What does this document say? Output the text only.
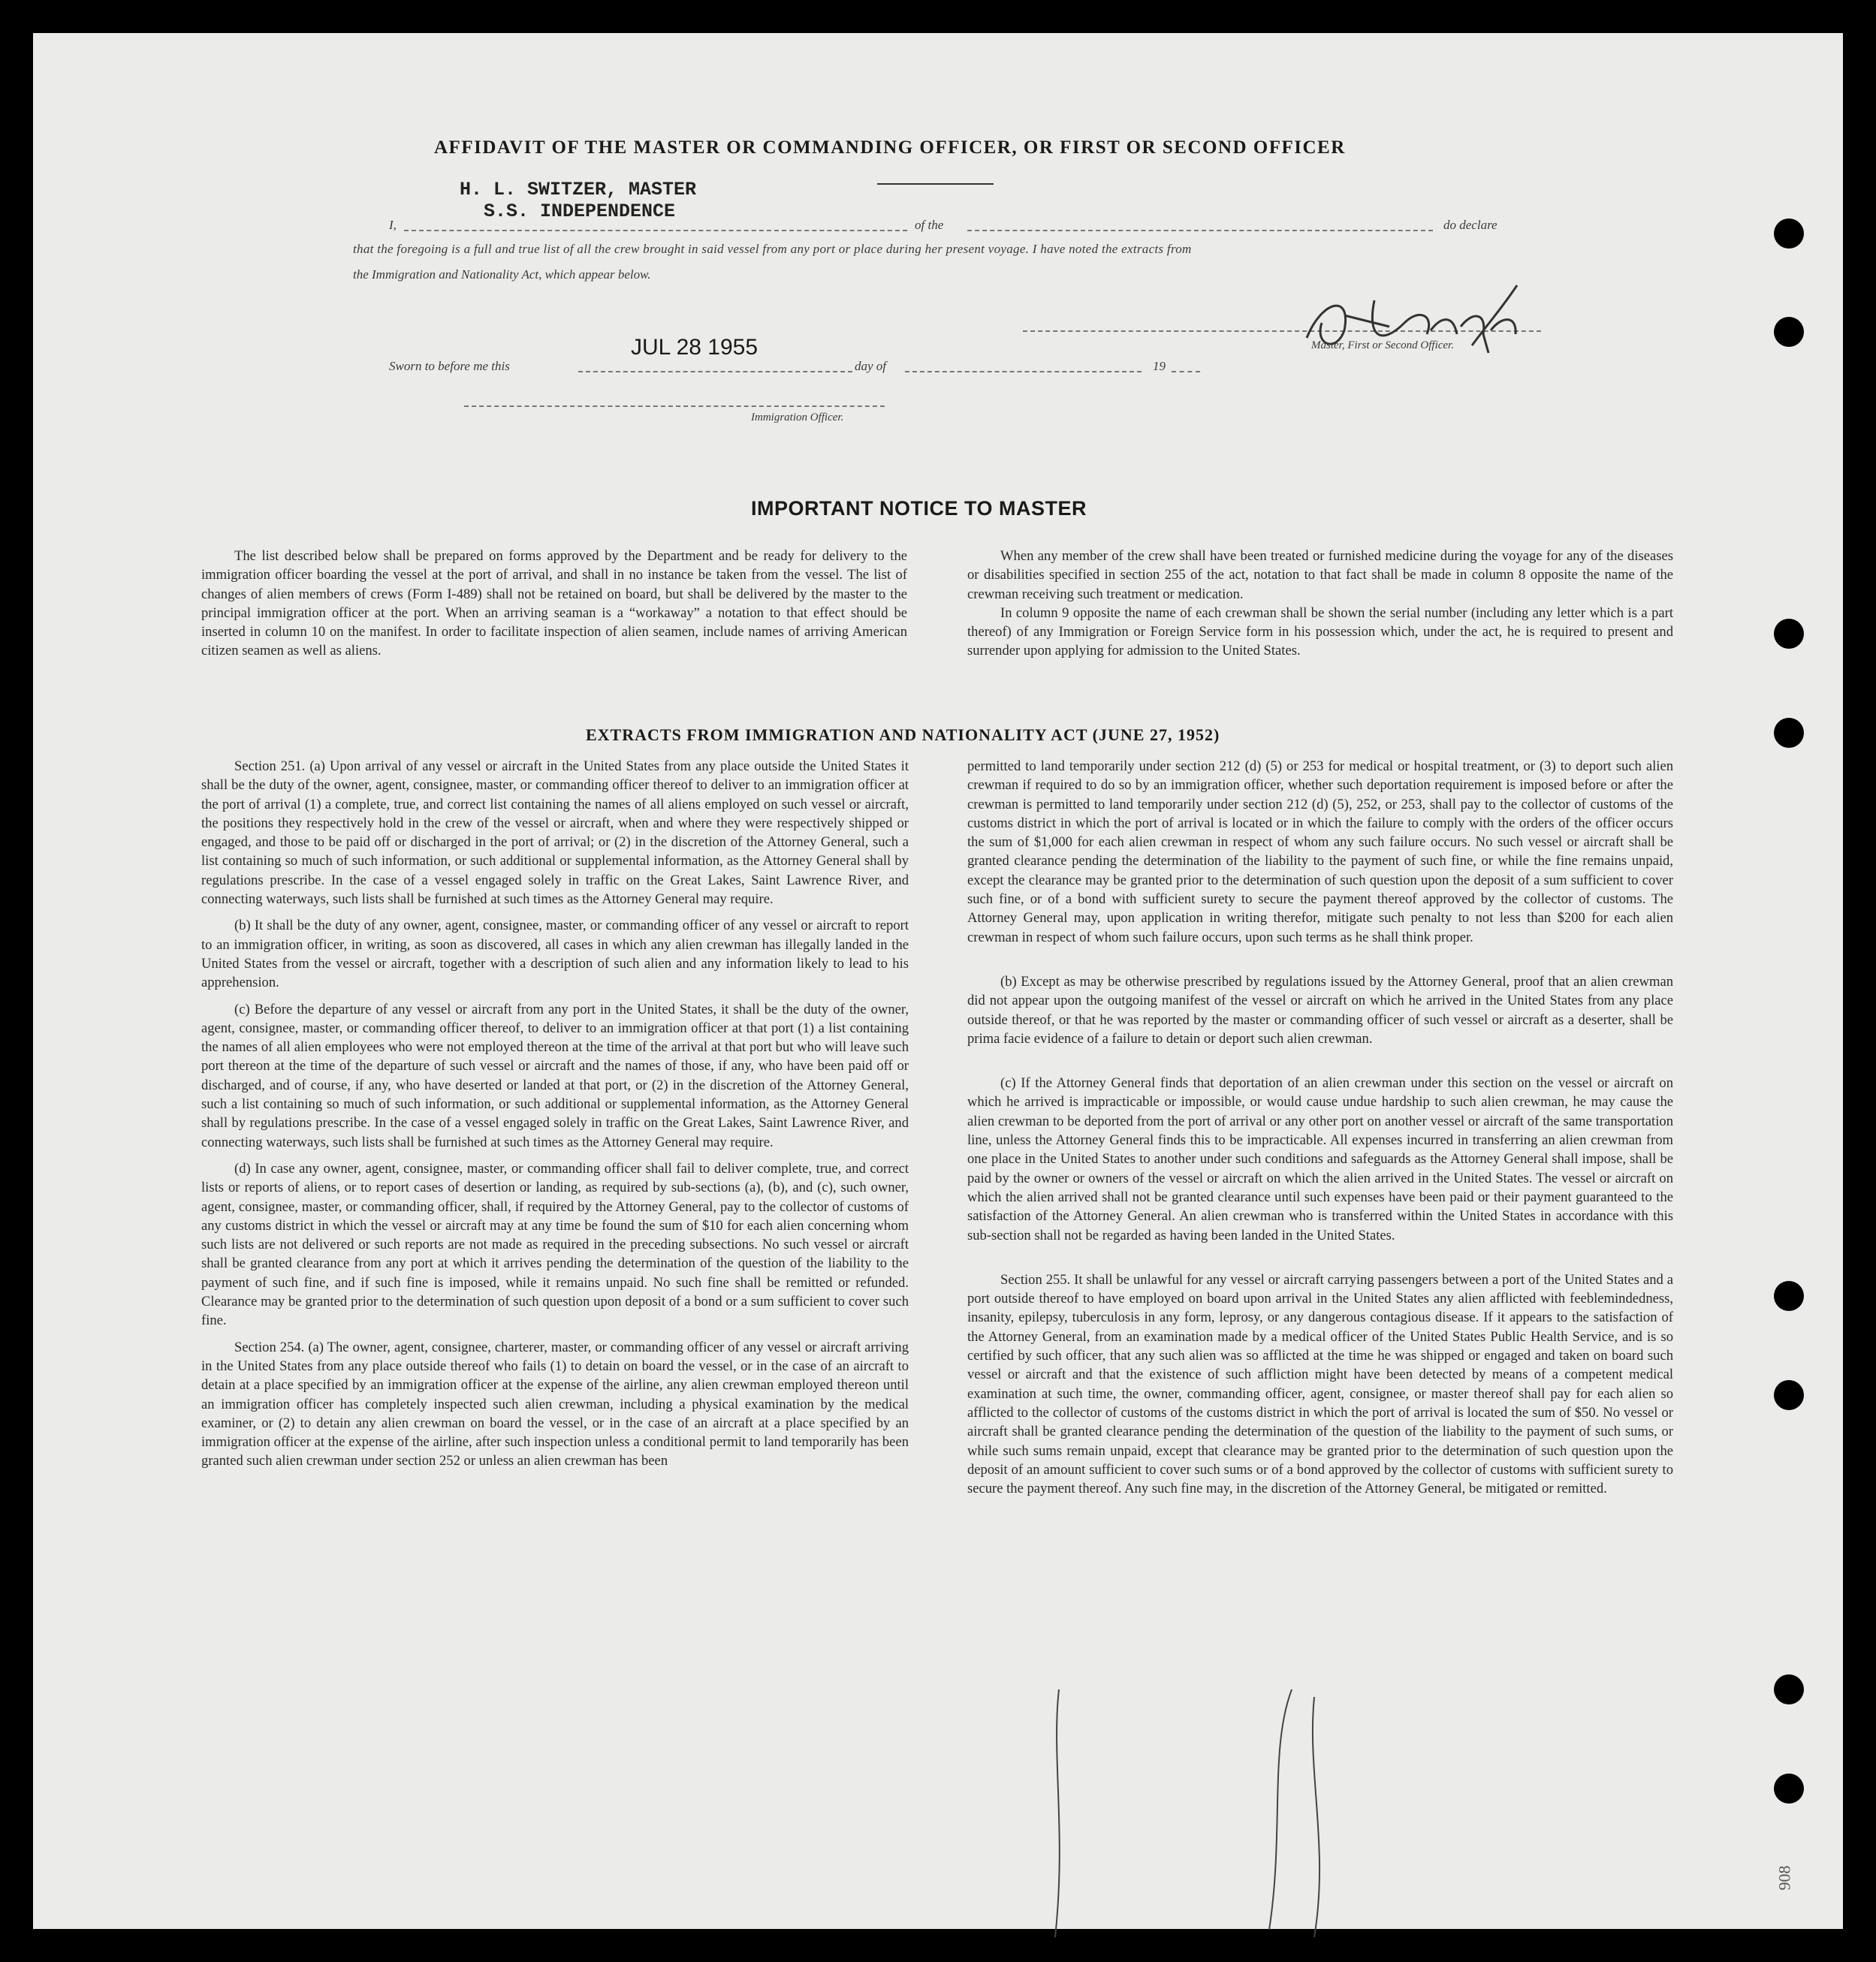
AFFIDAVIT OF THE MASTER OR COMMANDING OFFICER, OR FIRST OR SECOND OFFICER
H. L. SWITZER, MASTER
S.S. INDEPENDENCE
I,	of the	do declare
that the foregoing is a full and true list of all the crew brought in said vessel from any port or place during her present voyage. I have noted the extracts from
the Immigration and Nationality Act, which appear below.
Master, First or Second Officer.
Sworn to before me this
JUL 28 1955
day of	19
Immigration Officer.
IMPORTANT NOTICE TO MASTER

The list described below shall be prepared on forms approved by the Department and be ready for delivery to the immigration officer boarding the vessel at the port of arrival, and shall in no instance be taken from the vessel. The list of changes of alien members of crews (Form I-489) shall not be retained on board, but shall be delivered by the master to the principal immigration officer at the port. When an arriving seaman is a “workaway” a notation to that effect should be inserted in column 10 on the manifest. In order to facilitate inspection of alien seamen, include names of arriving American citizen seamen as well as aliens.

When any member of the crew shall have been treated or furnished medicine during the voyage for any of the diseases or disabilities specified in section 255 of the act, notation to that fact shall be made in column 8 opposite the name of the crewman receiving such treatment or medication.

In column 9 opposite the name of each crewman shall be shown the serial number (including any letter which is a part thereof) of any Immigration or Foreign Service form in his possession which, under the act, he is required to present and surrender upon applying for admission to the United States.

EXTRACTS FROM IMMIGRATION AND NATIONALITY ACT (JUNE 27, 1952)

Section 251. (a) Upon arrival of any vessel or aircraft in the United States from any place outside the United States it shall be the duty of the owner, agent, consignee, master, or commanding officer thereof to deliver to an immigration officer at the port of arrival (1) a complete, true, and correct list containing the names of all aliens employed on such vessel or aircraft, the positions they respectively hold in the crew of the vessel or aircraft, when and where they were respectively shipped or engaged, and those to be paid off or discharged in the port of arrival; or (2) in the discretion of the Attorney General, such a list containing so much of such information, or such additional or supplemental information, as the Attorney General shall by regulations prescribe. In the case of a vessel engaged solely in traffic on the Great Lakes, Saint Lawrence River, and connecting waterways, such lists shall be furnished at such times as the Attorney General may require.

(b) It shall be the duty of any owner, agent, consignee, master, or commanding officer of any vessel or aircraft to report to an immigration officer, in writing, as soon as discovered, all cases in which any alien crewman has illegally landed in the United States from the vessel or aircraft, together with a description of such alien and any information likely to lead to his apprehension.

(c) Before the departure of any vessel or aircraft from any port in the United States, it shall be the duty of the owner, agent, consignee, master, or commanding officer thereof, to deliver to an immigration officer at that port (1) a list containing the names of all alien employees who were not employed thereon at the time of the arrival at that port but who will leave such port thereon at the time of the departure of such vessel or aircraft and the names of those, if any, who have been paid off or discharged, and of course, if any, who have deserted or landed at that port, or (2) in the discretion of the Attorney General, such a list containing so much of such information, or such additional or supplemental information, as the Attorney General shall by regulations prescribe. In the case of a vessel engaged solely in traffic on the Great Lakes, Saint Lawrence River, and connecting waterways, such lists shall be furnished at such times as the Attorney General may require.

(d) In case any owner, agent, consignee, master, or commanding officer shall fail to deliver complete, true, and correct lists or reports of aliens, or to report cases of desertion or landing, as required by sub-sections (a), (b), and (c), such owner, agent, consignee, master, or commanding officer, shall, if required by the Attorney General, pay to the collector of customs of any customs district in which the vessel or aircraft may at any time be found the sum of $10 for each alien concerning whom such lists are not delivered or such reports are not made as required in the preceding subsections. No such vessel or aircraft shall be granted clearance from any port at which it arrives pending the determination of the question of the liability to the payment of such fine, and if such fine is imposed, while it remains unpaid. No such fine shall be remitted or refunded. Clearance may be granted prior to the determination of such question upon deposit of a bond or a sum sufficient to cover such fine.

Section 254. (a) The owner, agent, consignee, charterer, master, or commanding officer of any vessel or aircraft arriving in the United States from any place outside thereof who fails (1) to detain on board the vessel, or in the case of an aircraft to detain at a place specified by an immigration officer at the expense of the airline, any alien crewman employed thereon until an immigration officer has completely inspected such alien crewman, including a physical examination by the medical examiner, or (2) to detain any alien crewman on board the vessel, or in the case of an aircraft at a place specified by an immigration officer at the expense of the airline, after such inspection unless a conditional permit to land temporarily has been granted such alien crewman under section 252 or unless an alien crewman has been

permitted to land temporarily under section 212 (d) (5) or 253 for medical or hospital treatment, or (3) to deport such alien crewman if required to do so by an immigration officer, whether such deportation requirement is imposed before or after the crewman is permitted to land temporarily under section 212 (d) (5), 252, or 253, shall pay to the collector of customs of the customs district in which the port of arrival is located or in which the failure to comply with the orders of the officer occurs the sum of $1,000 for each alien crewman in respect of whom any such failure occurs. No such vessel or aircraft shall be granted clearance pending the determination of the liability to the payment of such fine, or while the fine remains unpaid, except the clearance may be granted prior to the determination of such question upon the deposit of a sum sufficient to cover such fine, or of a bond with sufficient surety to secure the payment thereof approved by the collector of customs. The Attorney General may, upon application in writing therefor, mitigate such penalty to not less than $200 for each alien crewman in respect of whom such failure occurs, upon such terms as he shall think proper.

(b) Except as may be otherwise prescribed by regulations issued by the Attorney General, proof that an alien crewman did not appear upon the outgoing manifest of the vessel or aircraft on which he arrived in the United States from any place outside thereof, or that he was reported by the master or commanding officer of such vessel or aircraft as a deserter, shall be prima facie evidence of a failure to detain or deport such alien crewman.

(c) If the Attorney General finds that deportation of an alien crewman under this section on the vessel or aircraft on which he arrived is impracticable or impossible, or would cause undue hardship to such alien crewman, he may cause the alien crewman to be deported from the port of arrival or any other port on another vessel or aircraft of the same transportation line, unless the Attorney General finds this to be impracticable. All expenses incurred in transferring an alien crewman from one place in the United States to another under such conditions and safeguards as the Attorney General shall impose, shall be paid by the owner or owners of the vessel or aircraft on which the alien arrived in the United States. The vessel or aircraft on which the alien arrived shall not be granted clearance until such expenses have been paid or their payment guaranteed to the satisfaction of the Attorney General. An alien crewman who is transferred within the United States in accordance with this sub-section shall not be regarded as having been landed in the United States.

Section 255. It shall be unlawful for any vessel or aircraft carrying passengers between a port of the United States and a port outside thereof to have employed on board upon arrival in the United States any alien afflicted with feeblemindedness, insanity, epilepsy, tuberculosis in any form, leprosy, or any dangerous contagious disease. If it appears to the satisfaction of the Attorney General, from an examination made by a medical officer of the United States Public Health Service, and is so certified by such officer, that any such alien was so afflicted at the time he was shipped or engaged and taken on board such vessel or aircraft and that the existence of such affliction might have been detected by means of a competent medical examination at such time, the owner, commanding officer, agent, consignee, or master thereof shall pay for each alien so afflicted to the collector of customs of the customs district in which the port of arrival is located the sum of $50. No vessel or aircraft shall be granted clearance pending the determination of the question of the liability to the payment of such sums, or while such sums remain unpaid, except that clearance may be granted prior to the determination of such question upon the deposit of an amount sufficient to cover such sums or of a bond approved by the collector of customs with sufficient surety to secure the payment thereof. Any such fine may, in the discretion of the Attorney General, be mitigated or remitted.

908
